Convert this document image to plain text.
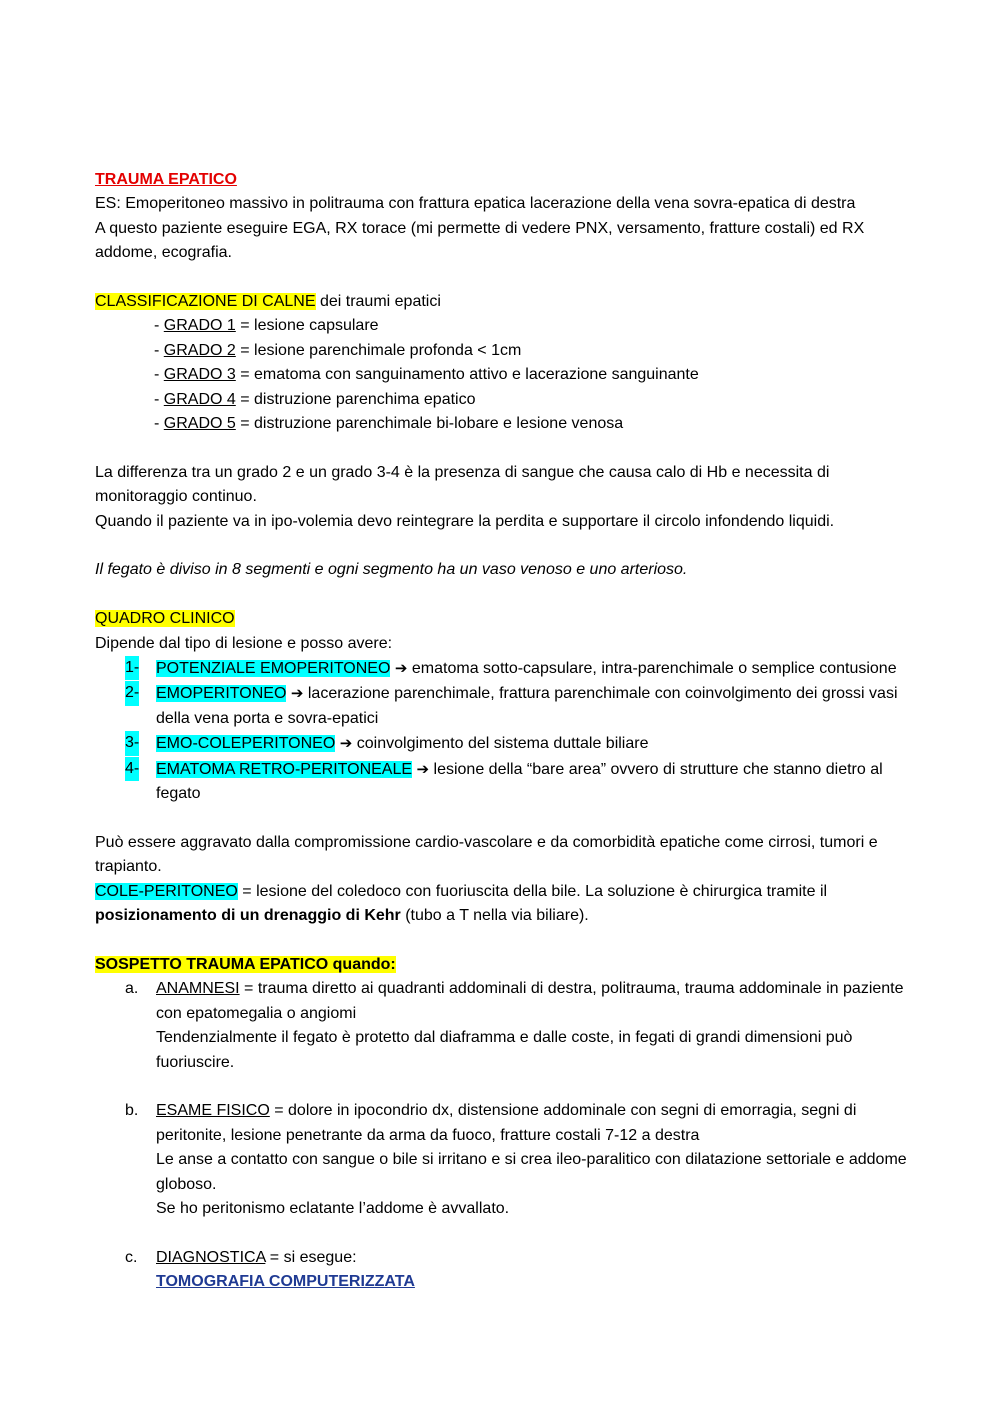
TRAUMA EPATICO

ES: Emoperitoneo massivo in politrauma con frattura epatica lacerazione della vena sovra-epatica di destra

A questo paziente eseguire EGA, RX torace (mi permette di vedere PNX, versamento, fratture costali) ed RX addome, ecografia.

CLASSIFICAZIONE DI CALNE dei traumi epatici

- GRADO 1 = lesione capsulare

- GRADO 2 = lesione parenchimale profonda < 1cm

- GRADO 3 = ematoma con sanguinamento attivo e lacerazione sanguinante

- GRADO 4 = distruzione parenchima epatico

- GRADO 5 = distruzione parenchimale bi-lobare e lesione venosa

La differenza tra un grado 2 e un grado 3-4 è la presenza di sangue che causa calo di Hb e necessita di monitoraggio continuo.

Quando il paziente va in ipo-volemia devo reintegrare la perdita e supportare il circolo infondendo liquidi.

Il fegato è diviso in 8 segmenti e ogni segmento ha un vaso venoso e uno arterioso.

QUADRO CLINICO

Dipende dal tipo di lesione e posso avere:

1- POTENZIALE EMOPERITONEO ➔ ematoma sotto-capsulare, intra-parenchimale o semplice contusione
2- EMOPERITONEO ➔ lacerazione parenchimale, frattura parenchimale con coinvolgimento dei grossi vasi della vena porta e sovra-epatici
3- EMO-COLEPERITONEO ➔ coinvolgimento del sistema duttale biliare
4- EMATOMA RETRO-PERITONEALE ➔ lesione della “bare area” ovvero di strutture che stanno dietro al fegato

Può essere aggravato dalla compromissione cardio-vascolare e da comorbidità epatiche come cirrosi, tumori e trapianto.

COLE-PERITONEO = lesione del coledoco con fuoriuscita della bile. La soluzione è chirurgica tramite il posizionamento di un drenaggio di Kehr (tubo a T nella via biliare).

SOSPETTO TRAUMA EPATICO quando:

a. ANAMNESI = trauma diretto ai quadranti addominali di destra, politrauma, trauma addominale in paziente con epatomegalia o angiomi

Tendenzialmente il fegato è protetto dal diaframma e dalle coste, in fegati di grandi dimensioni può fuoriuscire.

b. ESAME FISICO = dolore in ipocondrio dx, distensione addominale con segni di emorragia, segni di peritonite, lesione penetrante da arma da fuoco, fratture costali 7-12 a destra

Le anse a contatto con sangue o bile si irritano e si crea ileo-paralitico con dilatazione settoriale e addome globoso.

Se ho peritonismo eclatante l’addome è avvallato.

c. DIAGNOSTICA = si esegue:

TOMOGRAFIA COMPUTERIZZATA
